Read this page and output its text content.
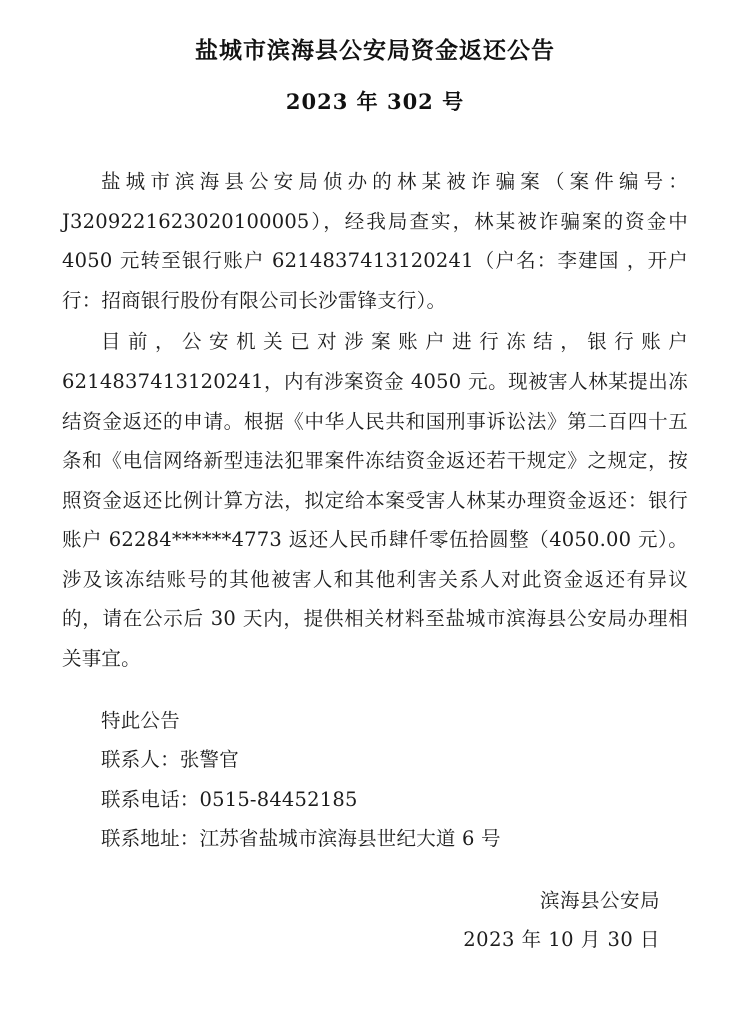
盐城市滨海县公安局资金返还公告
2023 年 302 号

盐城市滨海县公安局侦办的林某被诈骗案（案件编号：J3209221623020100005），经我局查实，林某被诈骗案的资金中 4050 元转至银行账户 6214837413120241（户名：李建国 ，开户行：招商银行股份有限公司长沙雷锋支行）。

目前，公安机关已对涉案账户进行冻结，银行账户 6214837413120241，内有涉案资金 4050 元。现被害人林某提出冻结资金返还的申请。根据《中华人民共和国刑事诉讼法》第二百四十五条和《电信网络新型违法犯罪案件冻结资金返还若干规定》之规定，按照资金返还比例计算方法，拟定给本案受害人林某办理资金返还：银行账户 62284******4773 返还人民币肆仟零伍拾圆整（4050.00 元）。涉及该冻结账号的其他被害人和其他利害关系人对此资金返还有异议的，请在公示后 30 天内，提供相关材料至盐城市滨海县公安局办理相关事宜。

特此公告

联系人：张警官

联系电话：0515-84452185

联系地址：江苏省盐城市滨海县世纪大道 6 号

滨海县公安局

2023 年 10 月 30 日
